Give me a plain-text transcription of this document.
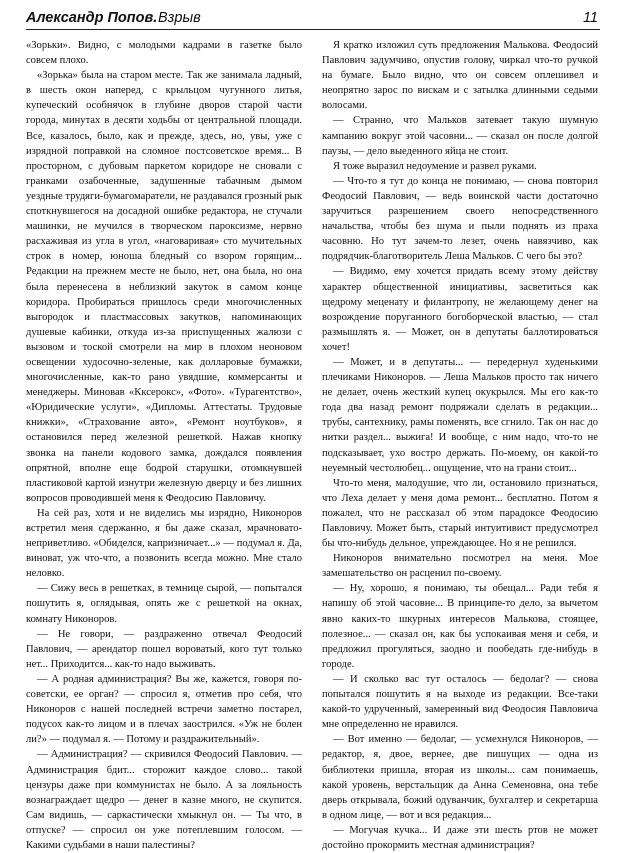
Александр Попов. Взрыв	11

«Зорьки». Видно, с молодыми кадрами в газетке было совсем плохо.

«Зорька» была на старом месте. Так же занимала ладный, в шесть окон наперед, с крыльцом чугунного литья, купеческий особнячок в глубине дворов старой части города, минутах в десяти ходьбы от центральной площади. Все, казалось, было, как и прежде, здесь, но, увы, уже с изрядной поправкой на сломное постсоветское время... В просторном, с дубовым паркетом коридоре не сновали с гранками озабоченные, задушенные табачным дымом уездные трудяги-бумагомаратели, не раздавался грозный рык споткнувшегося на досадной ошибке редактора, не стучали машинки, не мучился в творческом пароксизме, нервно расхаживая из угла в угол, «наговаривая» сто мучительных строк в номер, юноша бледный со взором горящим... Редакции на прежнем месте не было, нет, она была, но она была перенесена в неблизкий закуток в самом конце коридора. Пробираться пришлось среди многочисленных выгородок и пластмассовых закутков, напоминающих душевые кабинки, откуда из-за приспущенных жалюзи с вызовом и тоской смотрели на мир в плохом неоновом освещении худосочно-зеленые, как долларовые бумажки, многочисленные, как-то рано увядшие, коммерсанты и менеджеры. Миновав «Кксерокс», «Фото». «Турагентство», «Юридические услуги», «Дипломы. Аттестаты. Трудовые книжки», «Страхование авто», «Ремонт ноутбуков», я остановился перед железной решеткой. Нажав кнопку звонка на панели кодового замка, дождался появления опрятной, вполне еще бодрой старушки, отомкнувшей пластиковой картой изнутри железную дверцу и без лишних вопросов проводившей меня к Феодосию Павловичу.

На сей раз, хотя и не виделись мы изрядно, Никоноров встретил меня сдержанно, я бы даже сказал, мрачновато-неприветливо. «Обиделся, капризничает...» — подумал я. Да, виноват, уж что-что, а позвонить всегда можно. Мне стало неловко.

— Сижу весь в решетках, в темнице сырой, — попытался пошутить я, оглядывая, опять же с решеткой на окнах, комнату Никоноров.

— Не говори, — раздраженно отвечал Феодосий Павлович, — арендатор пошел вороватый, кого тут только нет... Приходится... как-то надо выживать.

— А родная администрация? Вы же, кажется, говоря по-советски, ее орган? — спросил я, отметив про себя, что Никоноров с нашей последней встречи заметно постарел, подусох как-то лицом и в плечах заострился. «Уж не болен ли?» — подумал я. — Потому и раздражительный».

— Администрация? — скривился Феодосий Павлович. — Администрация бдит... сторожит каждое слово... такой цензуры даже при коммунистах не было. А за лояльность вознаграждает щедро — денег в казне много, не скупится. Сам видишь, — саркастически хмыкнул он. — Ты что, в отпуске? — спросил он уже потеплевшим голосом. — Какими судьбами в наши палестины?

Я кратко изложил суть предложения Малькова. Феодосий Павлович задумчиво, опустив голову, чиркал что-то ручкой на бумаге. Было видно, что он совсем оплешивел и неопрятно зарос по вискам и с затылка длинными седыми волосами.

— Странно, что Мальков затевает такую шумную кампанию вокруг этой часовни... — сказал он после долгой паузы, — дело выеденного яйца не стоит.

Я тоже выразил недоумение и развел руками.

— Что-то я тут до конца не понимаю, — снова повторил Феодосий Павлович, — ведь воинской части достаточно заручиться разрешением своего непосредственного начальства, чтобы без шума и пыли поднять из праха часовню. Но тут зачем-то лезет, очень навязчиво, как подрядчик-благотворитель Леша Мальков. С чего бы это?

— Видимо, ему хочется придать всему этому действу характер общественной инициативы, засветиться как щедрому меценату и филантропу, не желающему денег на возрождение поруганного богоборческой властью, — стал размышлять я. — Может, он в депутаты баллотироваться хочет!

— Может, и в депутаты... — передернул худенькими плечиками Никоноров. — Леша Мальков просто так ничего не делает, очень жесткий купец окукрылся. Мы его как-то года два назад ремонт подряжали сделать в редакции... трубы, сантехнику, рамы поменять, все сгнило. Так он нас до нитки раздел... выжига! И вообще, с ним надо, что-то не подсказывает, ухо востро держать. По-моему, он какой-то неуемный честолюбец... ощущение, что на грани стоит...

Что-то меня, малодушие, что ли, остановило признаться, что Леха делает у меня дома ремонт... бесплатно. Потом я пожалел, что не рассказал об этом парадоксе Феодосию Павловичу. Может быть, старый интуитивист предусмотрел бы что-нибудь дельное, упреждающее. Но я не решился.

Никоноров внимательно посмотрел на меня. Мое замешательство он расценил по-своему.

— Ну, хорошо, я понимаю, ты обещал... Ради тебя я напишу об этой часовне... В принципе-то дело, за вычетом явно каких-то шкурных интересов Малькова, стоящее, полезное... — сказал он, как бы успокаивая меня и себя, и предложил прогуляться, заодно и пообедать где-нибудь в городе.

— И сколько вас тут осталось — бедолаг? — снова попытался пошутить я на выходе из редакции. Все-таки какой-то удрученный, замеренный вид Феодосия Павловича мне определенно не нравился.

— Вот именно — бедолаг, — усмехнулся Никоноров, — редактор, я, двое, вернее, две пишущих — одна из библиотеки пришла, вторая из школы... сам понимаешь, какой уровень, верстальщик да Анна Семеновна, она тебе дверь открывала, божий одуванчик, бухгалтер и секретарша в одном лице, — вот и вся редакция...

— Могучая кучка... И даже эти шесть ртов не может достойно прокормить местная администрация?
